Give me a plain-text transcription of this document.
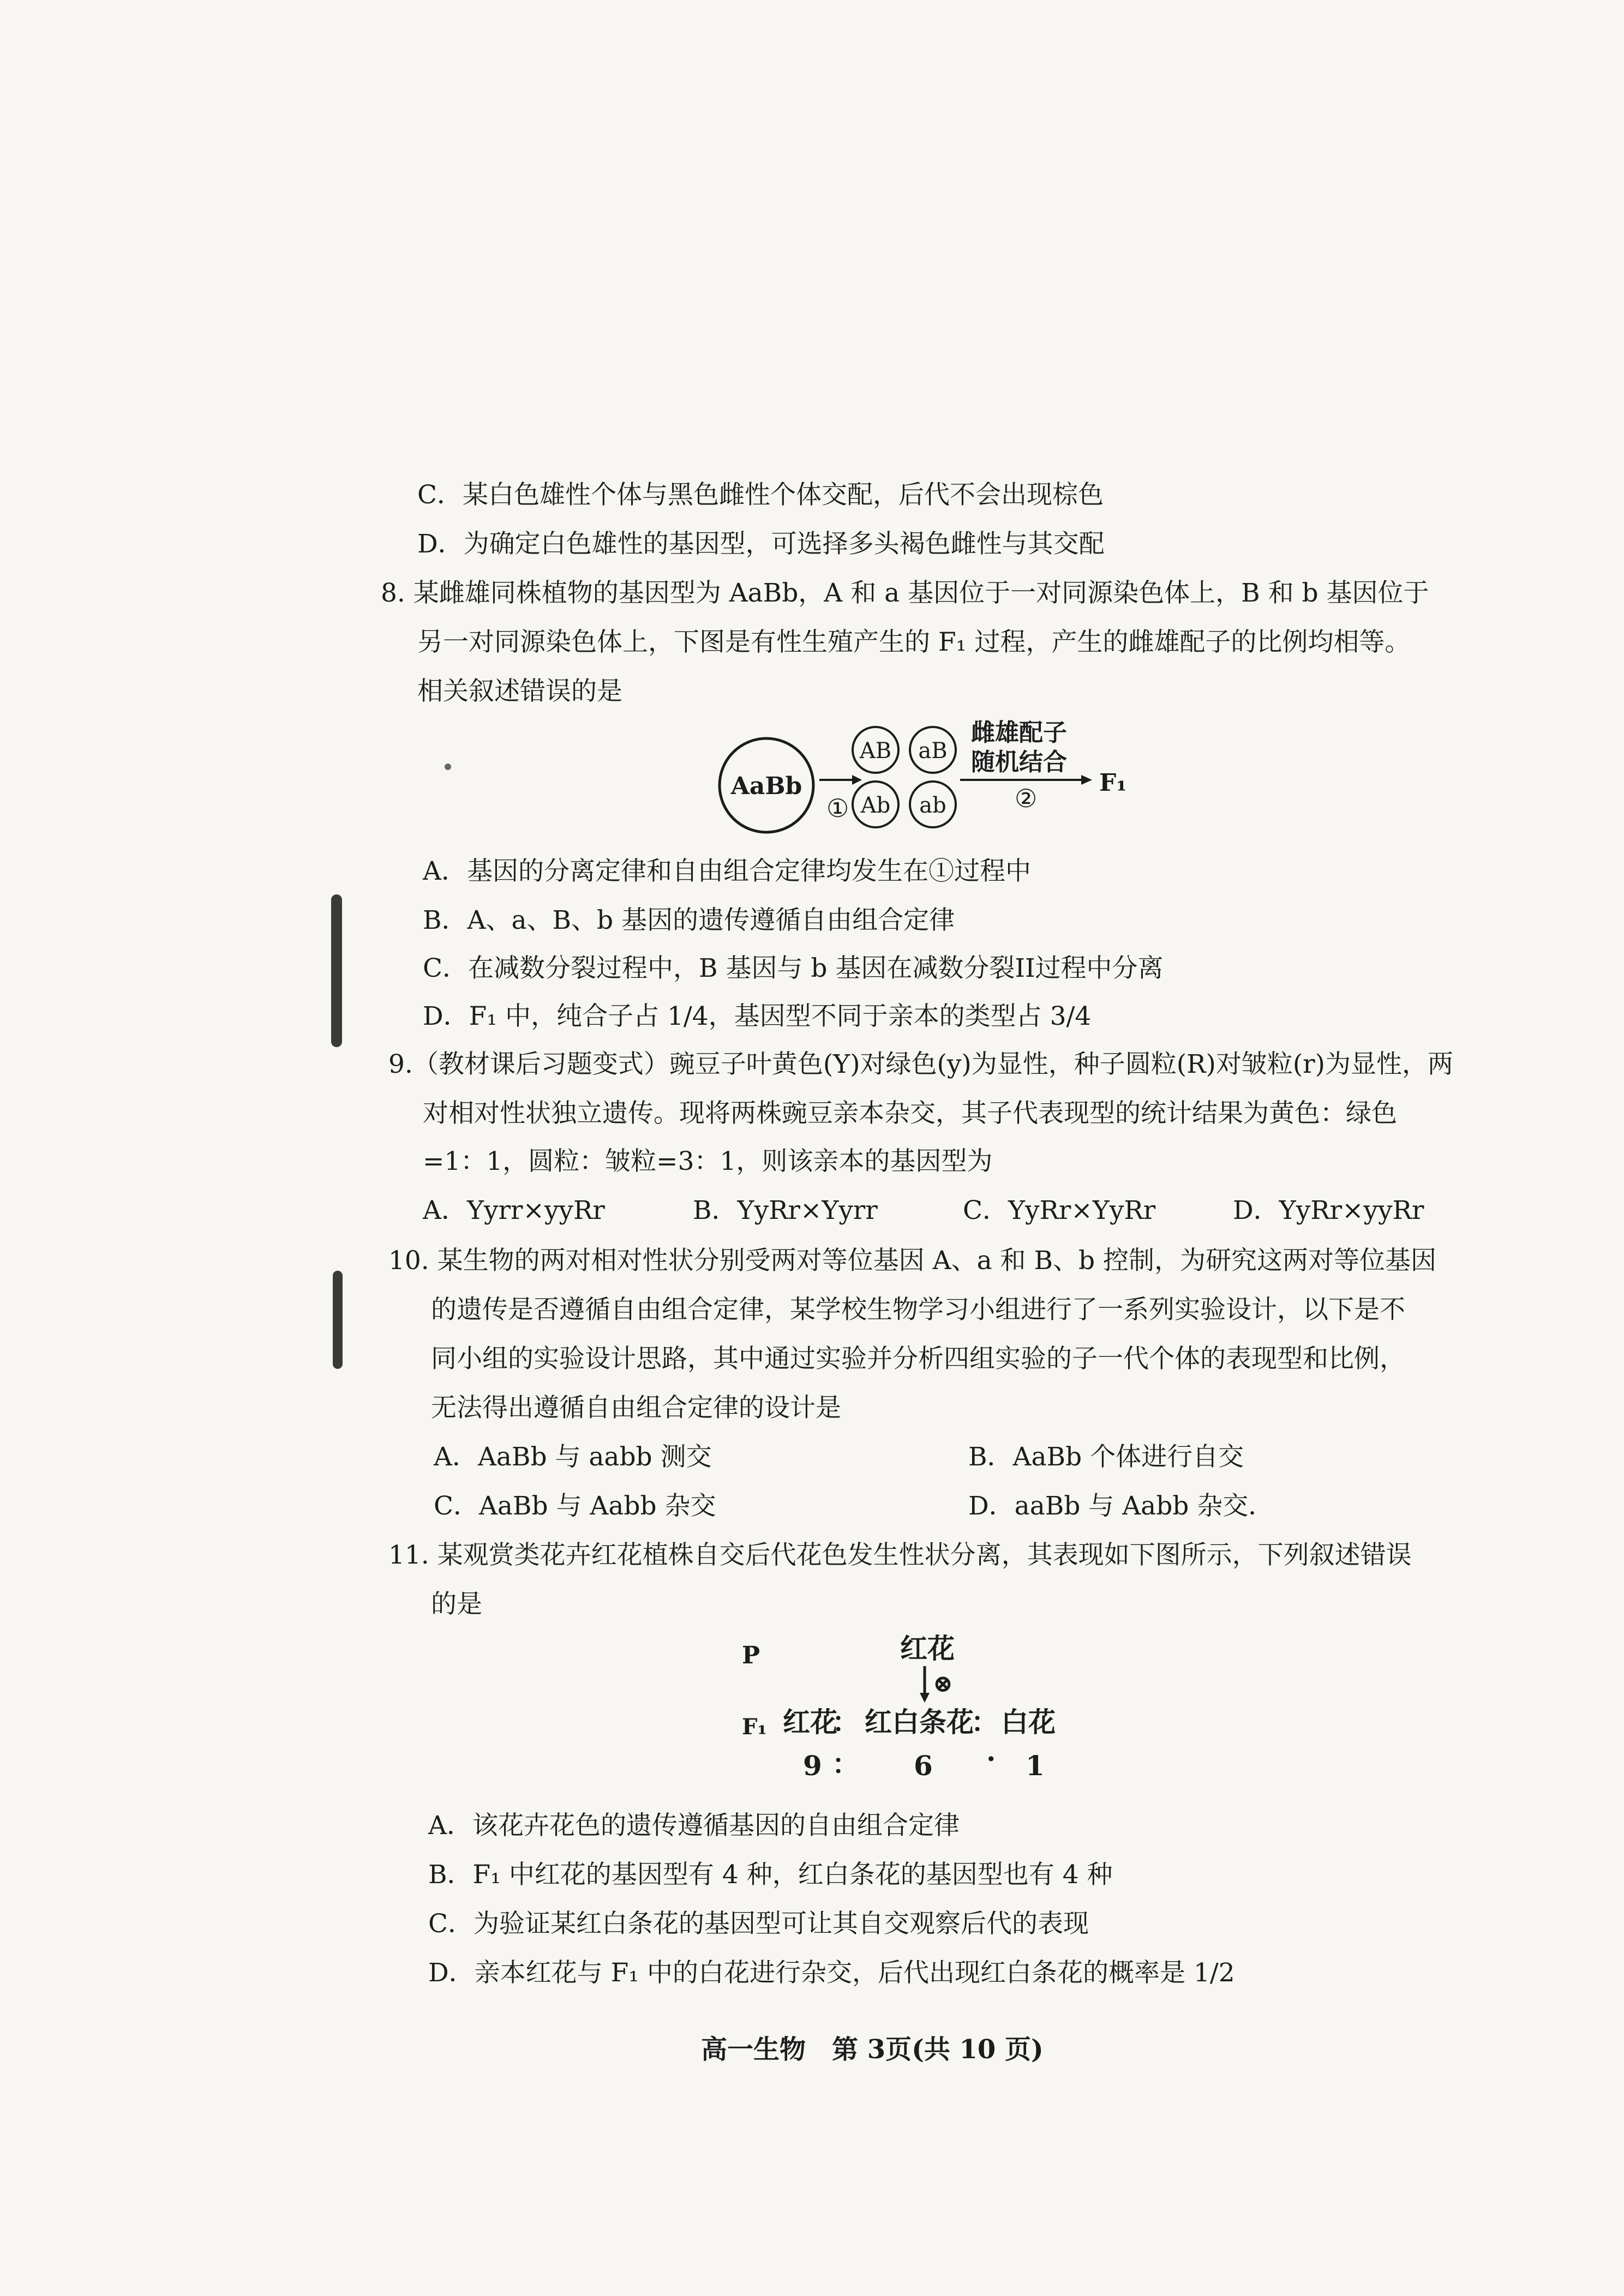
C．某白色雄性个体与黑色雌性个体交配，后代不会出现棕色
D．为确定白色雄性的基因型，可选择多头褐色雌性与其交配
8. 某雌雄同株植物的基因型为 AaBb，A 和 a 基因位于一对同源染色体上，B 和 b 基因位于
另一对同源染色体上，下图是有性生殖产生的 F₁ 过程，产生的雌雄配子的比例均相等。
相关叙述错误的是
AaBb
①
AB aB
Ab ab
雌雄配子
随机结合
②
F₁
A．基因的分离定律和自由组合定律均发生在①过程中
B．A、a、B、b 基因的遗传遵循自由组合定律
C．在减数分裂过程中，B 基因与 b 基因在减数分裂II过程中分离
D．F₁ 中，纯合子占 1/4，基因型不同于亲本的类型占 3/4
9.（教材课后习题变式）豌豆子叶黄色(Y)对绿色(y)为显性，种子圆粒(R)对皱粒(r)为显性，两
对相对性状独立遗传。现将两株豌豆亲本杂交，其子代表现型的统计结果为黄色：绿色
=1：1，圆粒：皱粒=3：1，则该亲本的基因型为
A．Yyrr×yyRr	B．YyRr×Yyrr	C．YyRr×YyRr	D．YyRr×yyRr
10. 某生物的两对相对性状分别受两对等位基因 A、a 和 B、b 控制，为研究这两对等位基因
的遗传是否遵循自由组合定律，某学校生物学习小组进行了一系列实验设计，以下是不
同小组的实验设计思路，其中通过实验并分析四组实验的子一代个体的表现型和比例，
无法得出遵循自由组合定律的设计是
A．AaBb 与 aabb 测交	B．AaBb 个体进行自交
C．AaBb 与 Aabb 杂交	D．aaBb 与 Aabb 杂交．
11. 某观赏类花卉红花植株自交后代花色发生性状分离，其表现如下图所示，下列叙述错误
的是
P	红花
⊗
F₁ 红花
： 红白条花
： 白花
9 ： 6 · 1
A．该花卉花色的遗传遵循基因的自由组合定律
B．F₁ 中红花的基因型有 4 种，红白条花的基因型也有 4 种
C．为验证某红白条花的基因型可让其自交观察后代的表现
D．亲本红花与 F₁ 中的白花进行杂交，后代出现红白条花的概率是 1/2
高一生物　第 3页(共 10 页)
